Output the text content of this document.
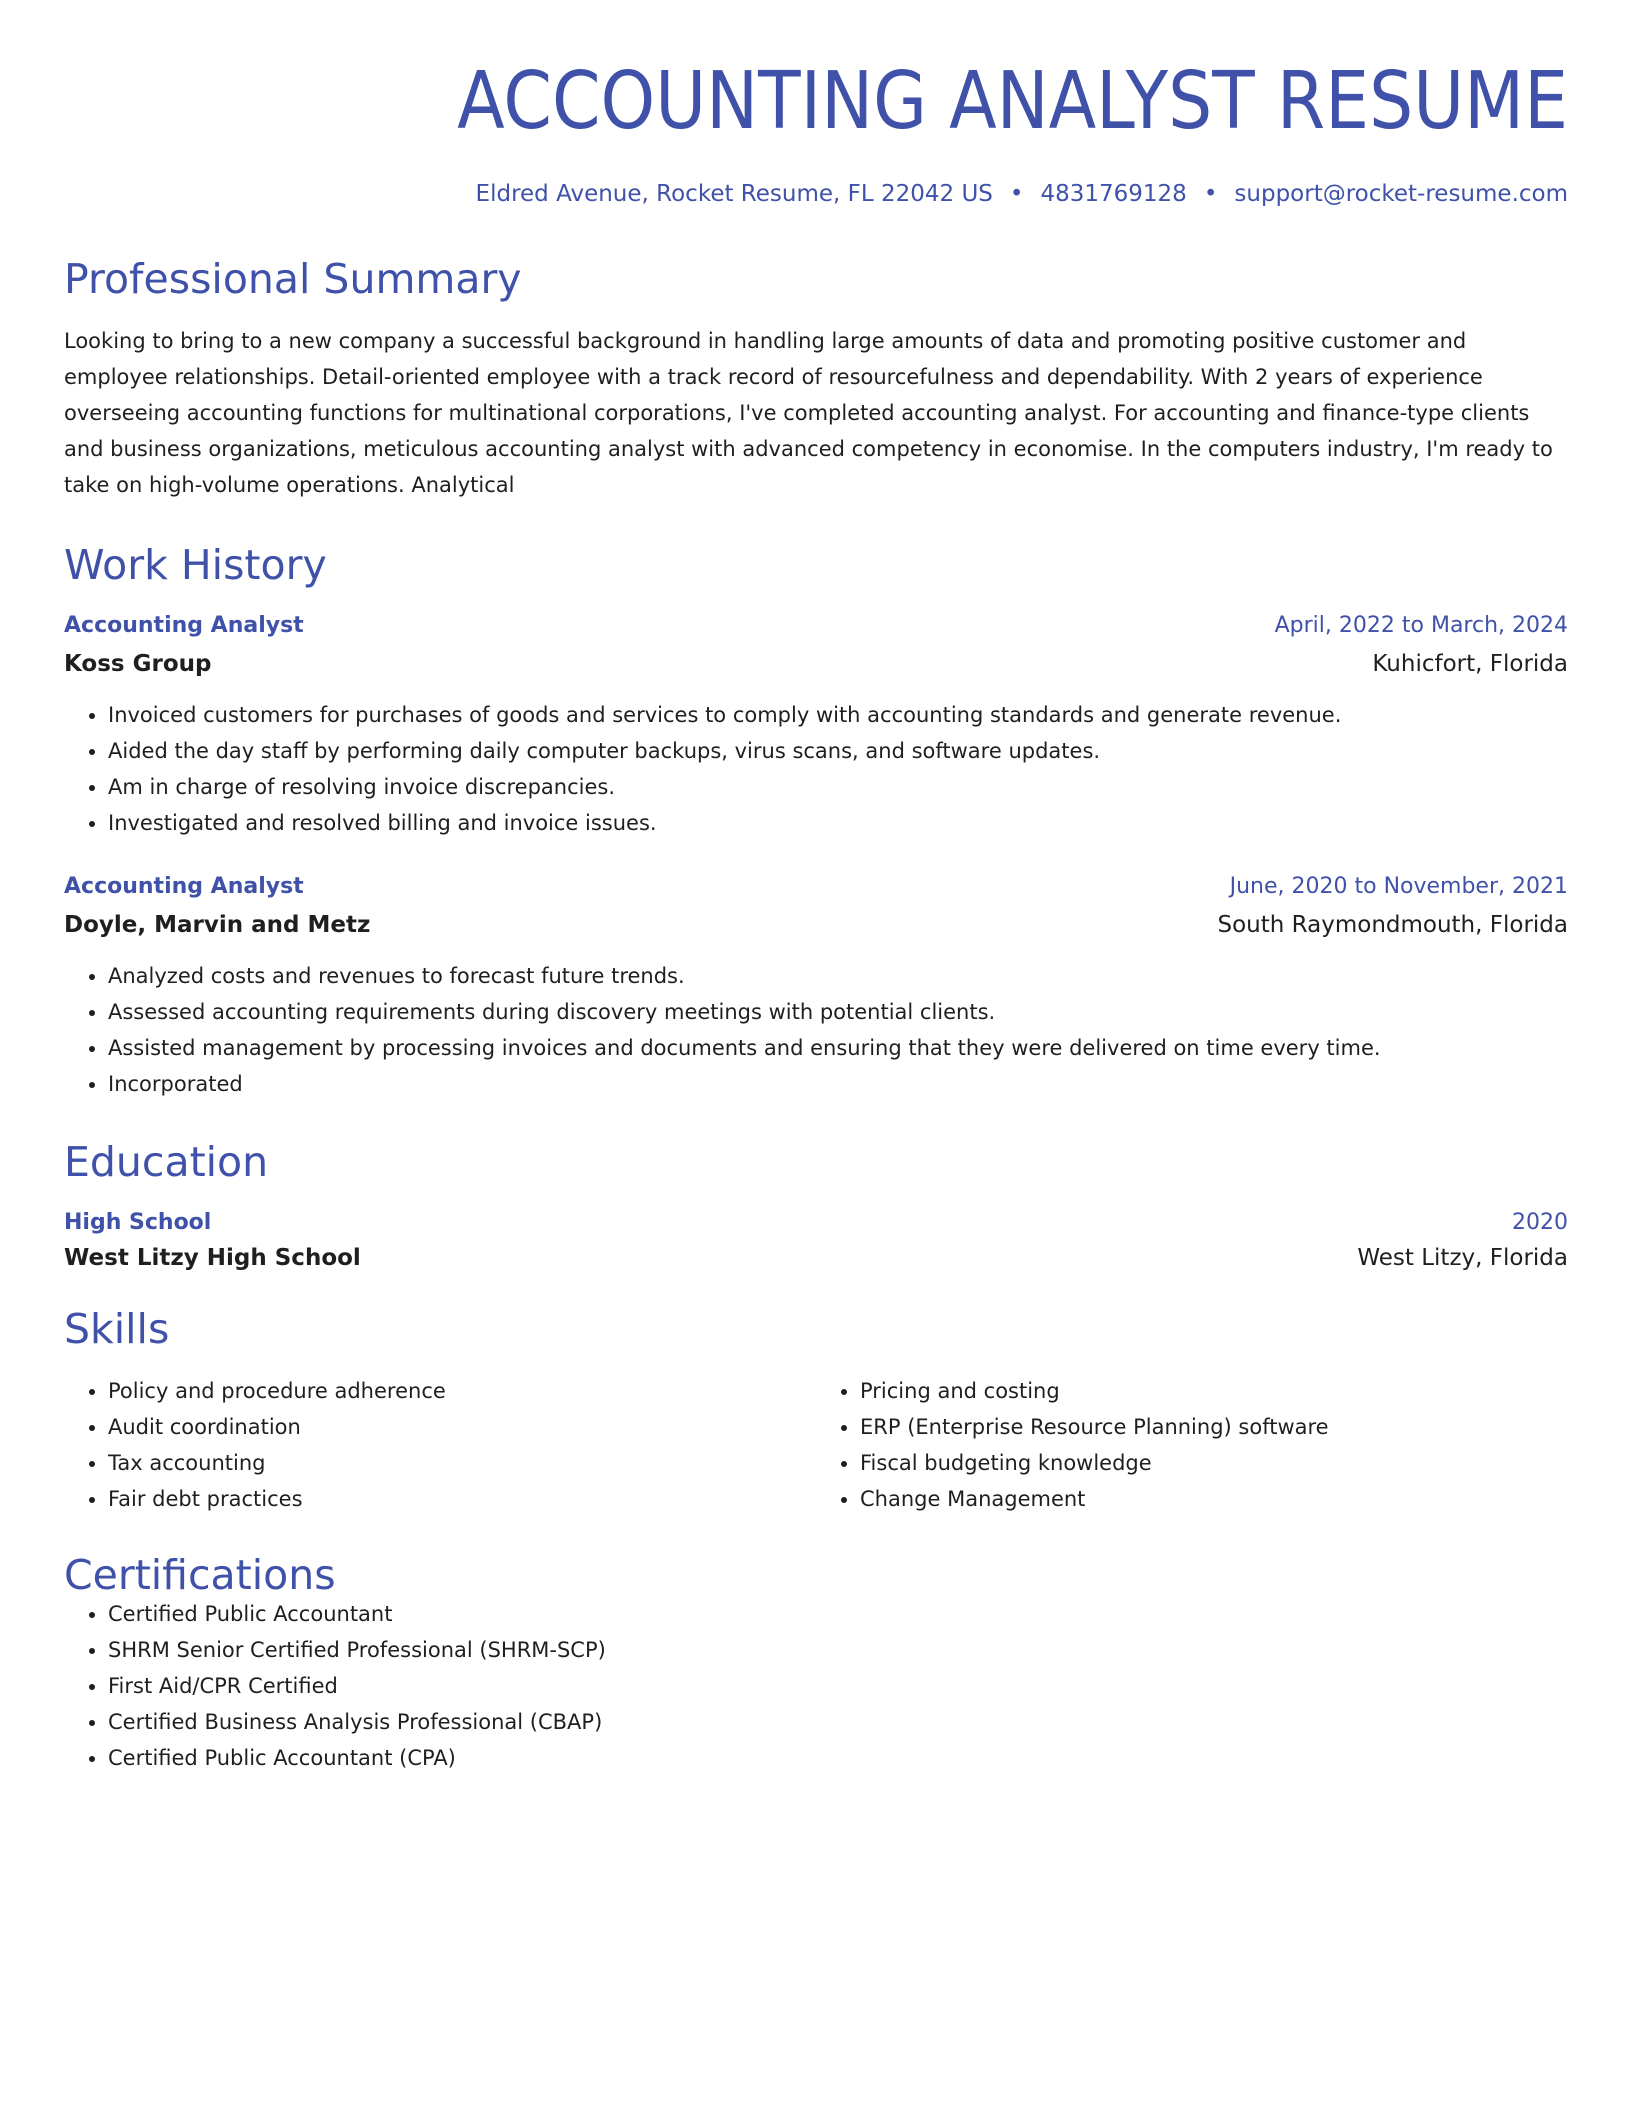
ACCOUNTING ANALYST RESUME
Eldred Avenue, Rocket Resume, FL 22042 US • 4831769128 • support@rocket-resume.com
Professional Summary
Looking to bring to a new company a successful background in handling large amounts of data and promoting positive customer and employee relationships. Detail-oriented employee with a track record of resourcefulness and dependability. With 2 years of experience overseeing accounting functions for multinational corporations, I've completed accounting analyst. For accounting and finance-type clients and business organizations, meticulous accounting analyst with advanced competency in economise. In the computers industry, I'm ready to take on high-volume operations. Analytical
Work History
Accounting Analyst	April, 2022 to March, 2024
Koss Group	Kuhicfort, Florida
• Invoiced customers for purchases of goods and services to comply with accounting standards and generate revenue.
• Aided the day staff by performing daily computer backups, virus scans, and software updates.
• Am in charge of resolving invoice discrepancies.
• Investigated and resolved billing and invoice issues.
Accounting Analyst	June, 2020 to November, 2021
Doyle, Marvin and Metz	South Raymondmouth, Florida
• Analyzed costs and revenues to forecast future trends.
• Assessed accounting requirements during discovery meetings with potential clients.
• Assisted management by processing invoices and documents and ensuring that they were delivered on time every time.
• Incorporated
Education
High School	2020
West Litzy High School	West Litzy, Florida
Skills
• Policy and procedure adherence
• Audit coordination
• Tax accounting
• Fair debt practices
• Pricing and costing
• ERP (Enterprise Resource Planning) software
• Fiscal budgeting knowledge
• Change Management
Certifications
• Certified Public Accountant
• SHRM Senior Certified Professional (SHRM-SCP)
• First Aid/CPR Certified
• Certified Business Analysis Professional (CBAP)
• Certified Public Accountant (CPA)
